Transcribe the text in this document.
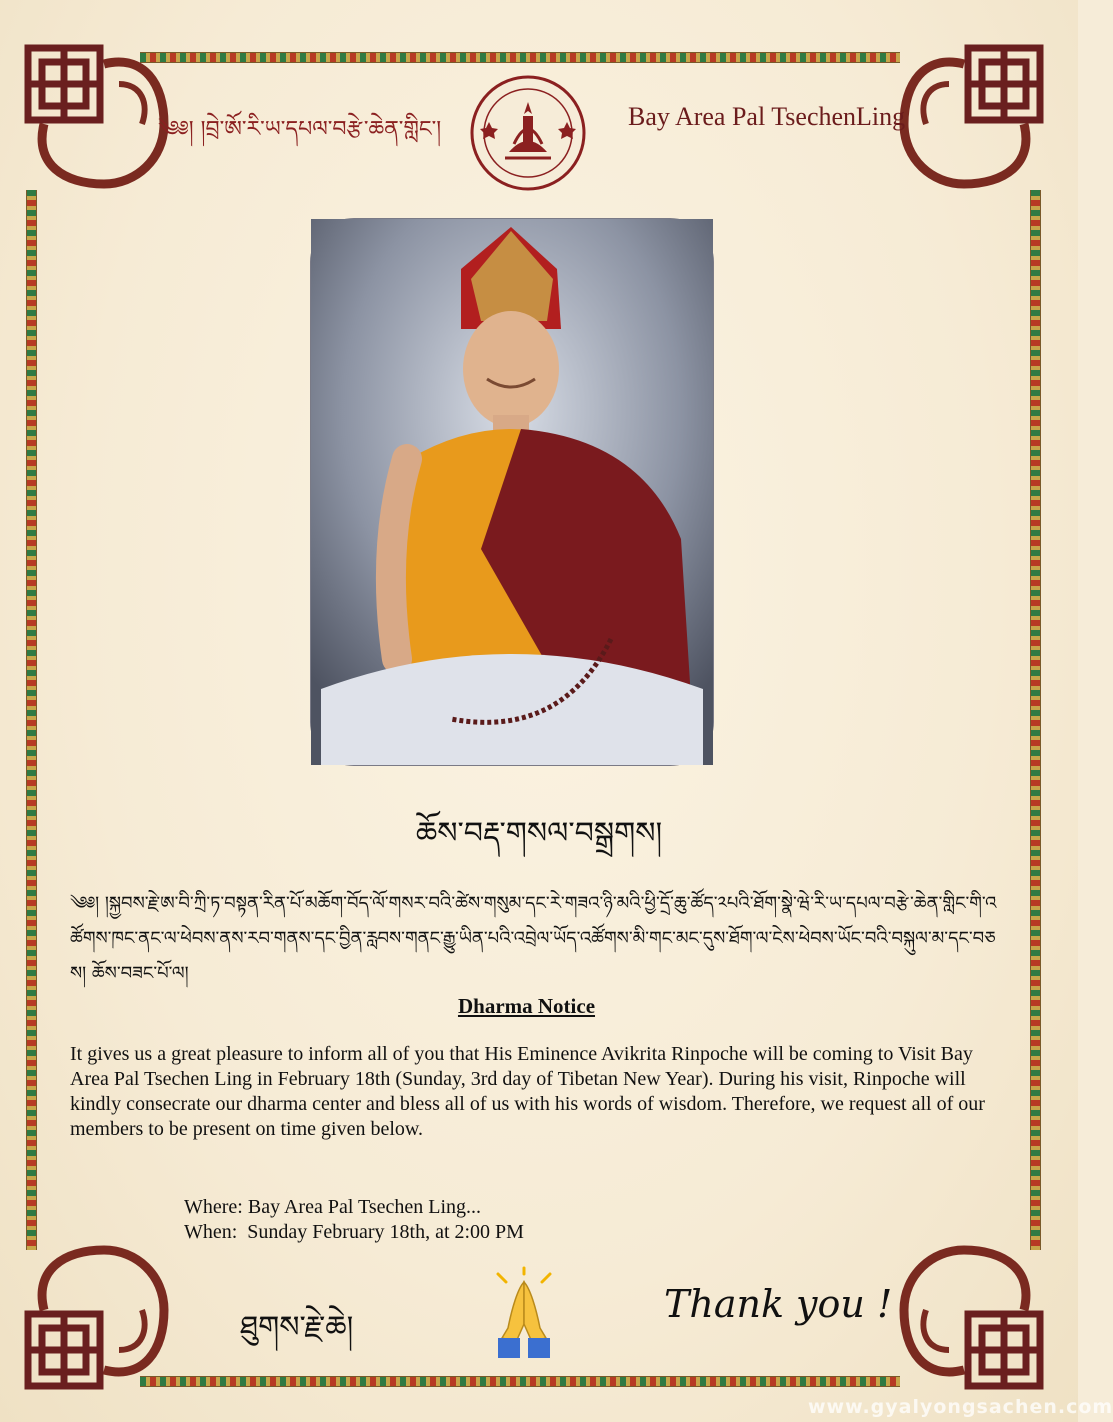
༄༅། །བྲེ་ཨོ་རི་ཡ་དཔལ་བརྩེ་ཆེན་གླིང་།	Bay Area Pal TsechenLing
ཆོས་བརྡ་གསལ་བསྒྲགས།
༄༅། །སྐྱབས་རྗེ་ཨ་བི་ཀྲི་ཏ་བསྟན་རིན་པོ་མཆོག་བོད་ལོ་གསར་བའི་ཚེས་གསུམ་དང་རེ་གཟའ་ཉི་མའི་ཕྱི་དྲོ་ཆུ་ཚོད་༢པའི་ཐོག་སྣེ་ཝེ་རི་ཡ་དཔལ་བརྩེ་ཆེན་གླིང་གི་འཚོགས་ཁང་ནང་ལ་ཕེབས་ནས་རབ་གནས་དང་བྱིན་རླབས་གནང་རྒྱུ་ཡིན་པའི་འབྲེལ་ཡོད་འཚོགས་མི་གང་མང་དུས་ཐོག་ལ་ངེས་ཕེབས་ཡོང་བའི་བསྐུལ་མ་དང་བཅས། ཆོས་བཟང་པོ་ལ།
Dharma Notice
It gives us a great pleasure to inform all of you that His Eminence Avikrita Rinpoche will be coming to Visit Bay Area Pal Tsechen Ling in February 18th (Sunday, 3rd day of Tibetan New Year). During his visit, Rinpoche will kindly consecrate our dharma center and bless all of us with his words of wisdom. Therefore, we request all of our members to be present on time given below.
Where: Bay Area Pal Tsechen Ling...
When:  Sunday February 18th, at 2:00 PM
ཐུགས་རྗེ་ཆེ།
Thank you !
www.gyalyongsachen.com
